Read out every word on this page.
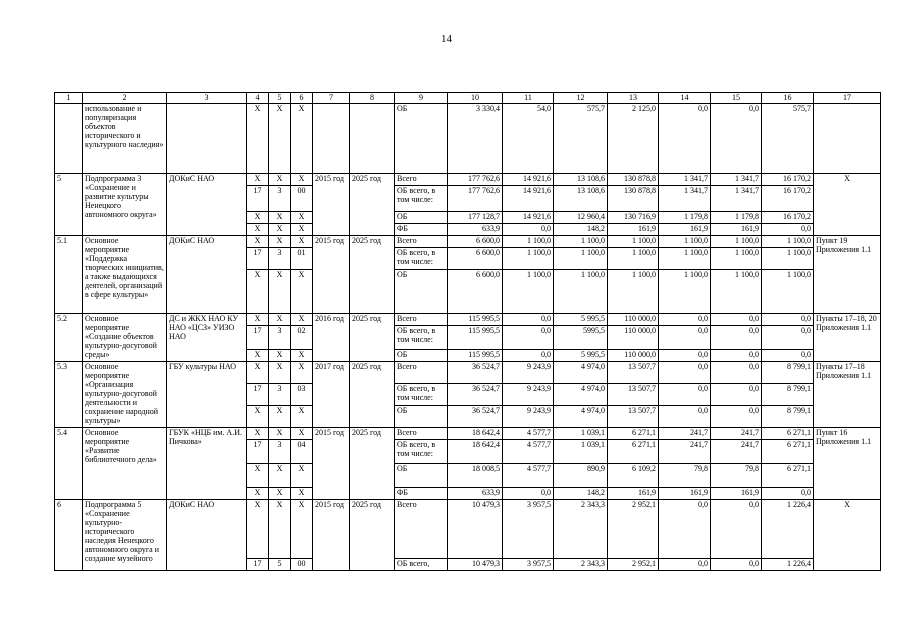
14
1	2	3	4	5	6	7	8	9	10	11	12	13	14	15	16	17
	использование и популяризация объектов исторического и культурного наследия»		Х	Х	Х			ОБ	3 330,4	54,0	575,7	2 125,0	0,0	0,0	575,7	
5	Подпрограмма 3 «Сохранение и развитие культуры Ненецкого автономного округа»	ДОКиС НАО	Х	Х	Х	2015 год	2025 год	Всего	177 762,6	14 921,6	13 108,6	130 878,8	1 341,7	1 341,7	16 170,2	Х
			17	3	00			ОБ всего, в том числе:	177 762,6	14 921,6	13 108,6	130 878,8	1 341,7	1 341,7	16 170,2	
			Х	Х	Х			ОБ	177 128,7	14 921,6	12 960,4	130 716,9	1 179,8	1 179,8	16 170,2	
			Х	Х	Х			ФБ	633,9	0,0	148,2	161,9	161,9	161,9	0,0	
5.1	Основное мероприятие «Поддержка творческих инициатив, а также выдающихся деятелей, организаций в сфере культуры»	ДОКиС НАО	Х	Х	Х	2015 год	2025 год	Всего	6 600,0	1 100,0	1 100,0	1 100,0	1 100,0	1 100,0	1 100,0	Пункт 19 Приложения 1.1
			17	3	01			ОБ всего, в том числе:	6 600,0	1 100,0	1 100,0	1 100,0	1 100,0	1 100,0	1 100,0	
			Х	Х	Х			ОБ	6 600,0	1 100,0	1 100,0	1 100,0	1 100,0	1 100,0	1 100,0	
5.2	Основное мероприятие «Создание объектов культурно-досуговой среды»	ДС и ЖКХ НАО КУ НАО «ЦСЗ» УИЗО НАО	Х	Х	Х	2016 год	2025 год	Всего	115 995,5	0,0	5 995,5	110 000,0	0,0	0,0	0,0	Пункты 17–18, 20 Приложения 1.1
			17	3	02			ОБ всего, в том числе:	115 995,5	0,0	5995,5	110 000,0	0,0	0,0	0,0	
			Х	Х	Х			ОБ	115 995,5	0,0	5 995,5	110 000,0	0,0	0,0	0,0	
5.3	Основное мероприятие «Организация культурно-досуговой деятельности и сохранение народной культуры»	ГБУ культуры НАО	Х	Х	Х	2017 год	2025 год	Всего	36 524,7	9 243,9	4 974,0	13 507,7	0,0	0,0	8 799,1	Пункты 17–18 Приложения 1.1
			17	3	03			ОБ всего, в том числе:	36 524,7	9 243,9	4 974,0	13 507,7	0,0	0,0	8 799,1	
			Х	Х	Х			ОБ	36 524,7	9 243,9	4 974,0	13 507,7	0,0	0,0	8 799,1	
5.4	Основное мероприятие «Развитие библиотечного дела»	ГБУК «НЦБ им. А.И. Пичкова»	Х	Х	Х	2015 год	2025 год	Всего	18 642,4	4 577,7	1 039,1	6 271,1	241,7	241,7	6 271,1	Пункт 16 Приложения 1.1
			17	3	04			ОБ всего, в том числе:	18 642,4	4 577,7	1 039,1	6 271,1	241,7	241,7	6 271,1	
			Х	Х	Х			ОБ	18 008,5	4 577,7	890,9	6 109,2	79,8	79,8	6 271,1	
			Х	Х	Х			ФБ	633,9	0,0	148,2	161,9	161,9	161,9	0,0	
6	Подпрограмма 5 «Сохранение культурно-исторического наследия Ненецкого автономного округа и создание музейного	ДОКиС НАО	Х	Х	Х	2015 год	2025 год	Всего	10 479,3	3 957,5	2 343,3	2 952,1	0,0	0,0	1 226,4	Х
			17	5	00			ОБ всего,	10 479,3	3 957,5	2 343,3	2 952,1	0,0	0,0	1 226,4	
